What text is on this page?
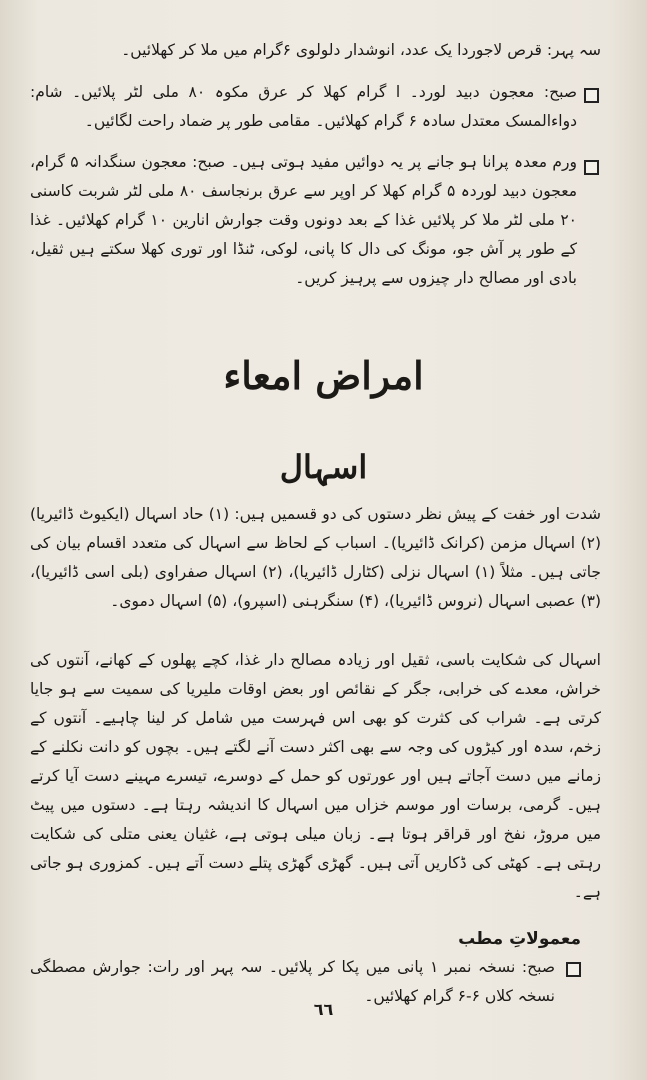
سہ پہر: قرص لاجوردا یک عدد، انوشدار دلولوی ۶گرام میں ملا کر کھلائیں۔
صبح: معجون دبید لورد۔ ا گرام کھلا کر عرق مکوہ ۸۰ ملی لٹر پلائیں۔ شام: دواءالمسک معتدل سادہ ۶ گرام کھلائیں۔ مقامی طور پر ضماد راحت لگائیں۔
ورم معدہ پرانا ہو جانے پر یہ دوائیں مفید ہوتی ہیں۔ صبح: معجون سنگدانہ ۵ گرام، معجون دبید لوردہ ۵ گرام کھلا کر اوپر سے عرق برنجاسف ۸۰ ملی لٹر شربت کاسنی ۲۰ ملی لٹر ملا کر پلائیں غذا کے بعد دونوں وقت جوارش انارین ۱۰ گرام کھلائیں۔ غذا کے طور پر آش جو، مونگ کی دال کا پانی، لوکی، ٹنڈا اور توری کھلا سکتے ہیں ثقیل، بادی اور مصالح دار چیزوں سے پرہیز کریں۔
امراض امعاء
اسہال
شدت اور خفت کے پیش نظر دستوں کی دو قسمیں ہیں: (۱) حاد اسہال (ایکیوٹ ڈائیریا) (۲) اسہال مزمن (کرانک ڈائیریا)۔ اسباب کے لحاظ سے اسہال کی متعدد اقسام بیان کی جاتی ہیں۔ مثلاً (۱) اسہال نزلی (کٹارل ڈائیریا)، (۲) اسہال صفراوی (بلی اسی ڈائیریا)، (۳) عصبی اسہال (نروس ڈائیریا)، (۴) سنگرہنی (اسپرو)، (۵) اسہال دموی۔
اسہال کی شکایت باسی، ثقیل اور زیادہ مصالح دار غذا، کچے پھلوں کے کھانے، آنتوں کی خراش، معدے کی خرابی، جگر کے نقائص اور بعض اوقات ملیریا کی سمیت سے ہو جایا کرتی ہے۔ شراب کی کثرت کو بھی اس فہرست میں شامل کر لینا چاہیے۔ آنتوں کے زخم، سدہ اور کیڑوں کی وجہ سے بھی اکثر دست آنے لگتے ہیں۔ بچوں کو دانت نکلنے کے زمانے میں دست آجاتے ہیں اور عورتوں کو حمل کے دوسرے، تیسرے مہینے دست آیا کرتے ہیں۔ گرمی، برسات اور موسم خزاں میں اسہال کا اندیشہ رہتا ہے۔ دستوں میں پیٹ میں مروڑ، نفخ اور قراقر ہوتا ہے۔ زبان میلی ہوتی ہے، غثیان یعنی متلی کی شکایت رہتی ہے۔ کھٹی کی ڈکاریں آتی ہیں۔ گھڑی گھڑی پتلے دست آتے ہیں۔ کمزوری ہو جاتی ہے۔
معمولاتِ مطب
صبح: نسخہ نمبر ۱ پانی میں پکا کر پلائیں۔ سہ پہر اور رات: جوارش مصطگی نسخہ کلاں ۶-۶ گرام کھلائیں۔
٦٦
